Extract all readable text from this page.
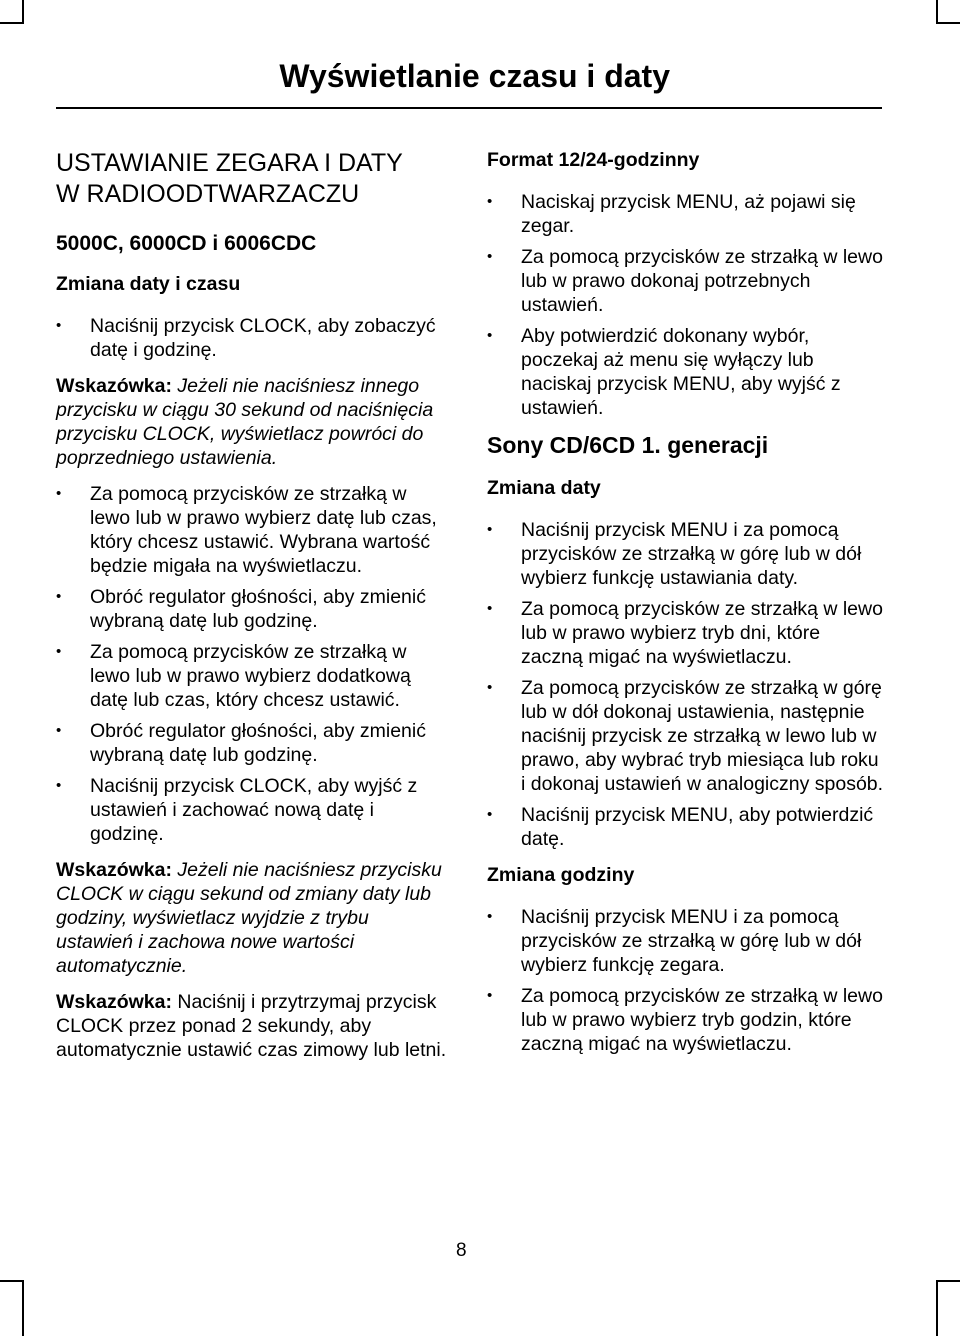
Wyświetlanie czasu i daty
USTAWIANIE ZEGARA I DATY
W RADIOODTWARZACZU
5000C, 6000CD i 6006CDC
Zmiana daty i czasu
• Naciśnij przycisk CLOCK, aby zobaczyć datę i godzinę.

Wskazówka: Jeżeli nie naciśniesz innego przycisku w ciągu 30 sekund od naciśnięcia przycisku CLOCK, wyświetlacz powróci do poprzedniego ustawienia.

• Za pomocą przycisków ze strzałką w lewo lub w prawo wybierz datę lub czas, który chcesz ustawić. Wybrana wartość będzie migała na wyświetlaczu.
• Obróć regulator głośności, aby zmienić wybraną datę lub godzinę.
• Za pomocą przycisków ze strzałką w lewo lub w prawo wybierz dodatkową datę lub czas, który chcesz ustawić.
• Obróć regulator głośności, aby zmienić wybraną datę lub godzinę.
• Naciśnij przycisk CLOCK, aby wyjść z ustawień i zachować nową datę i godzinę.

Wskazówka: Jeżeli nie naciśniesz przycisku CLOCK w ciągu sekund od zmiany daty lub godziny, wyświetlacz wyjdzie z trybu ustawień i zachowa nowe wartości automatycznie.

Wskazówka: Naciśnij i przytrzymaj przycisk CLOCK przez ponad 2 sekundy, aby automatycznie ustawić czas zimowy lub letni.

Format 12/24-godzinny
• Naciskaj przycisk MENU, aż pojawi się zegar.
• Za pomocą przycisków ze strzałką w lewo lub w prawo dokonaj potrzebnych ustawień.
• Aby potwierdzić dokonany wybór, poczekaj aż menu się wyłączy lub naciskaj przycisk MENU, aby wyjść z ustawień.
Sony CD/6CD 1. generacji
Zmiana daty
• Naciśnij przycisk MENU i za pomocą przycisków ze strzałką w górę lub w dół wybierz funkcję ustawiania daty.
• Za pomocą przycisków ze strzałką w lewo lub w prawo wybierz tryb dni, które zaczną migać na wyświetlaczu.
• Za pomocą przycisków ze strzałką w górę lub w dół dokonaj ustawienia, następnie naciśnij przycisk ze strzałką w lewo lub w prawo, aby wybrać tryb miesiąca lub roku i dokonaj ustawień w analogiczny sposób.
• Naciśnij przycisk MENU, aby potwierdzić datę.
Zmiana godziny
• Naciśnij przycisk MENU i za pomocą przycisków ze strzałką w górę lub w dół wybierz funkcję zegara.
• Za pomocą przycisków ze strzałką w lewo lub w prawo wybierz tryb godzin, które zaczną migać na wyświetlaczu.

8
